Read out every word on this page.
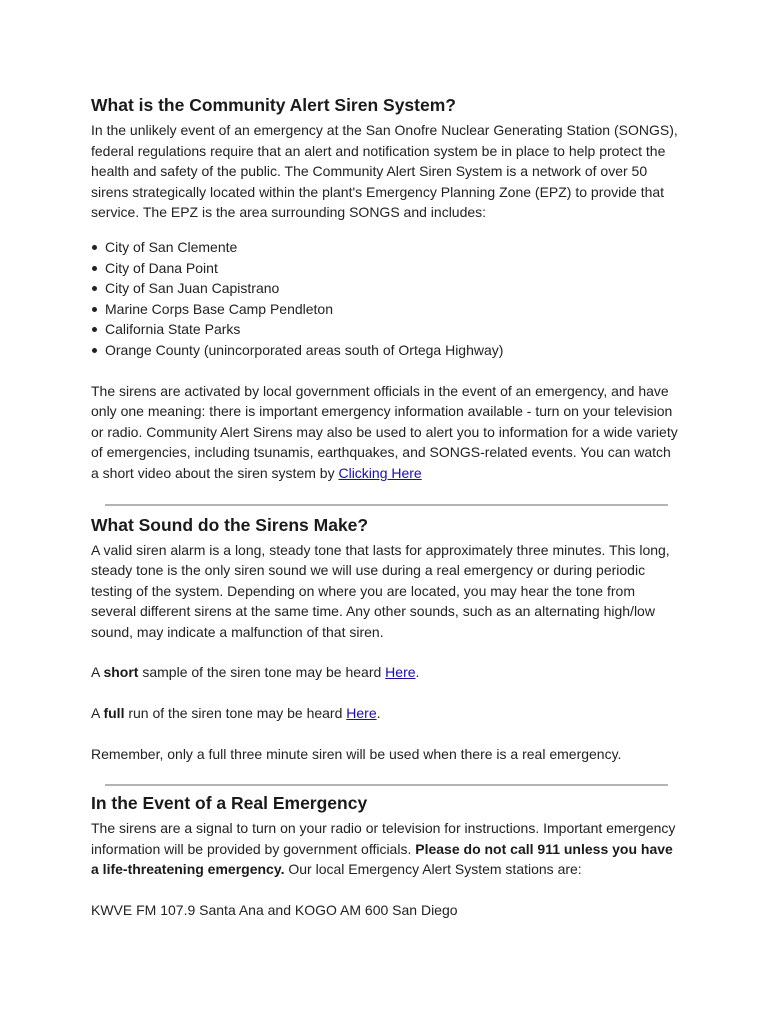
What is the Community Alert Siren System?

In the unlikely event of an emergency at the San Onofre Nuclear Generating Station (SONGS), federal regulations require that an alert and notification system be in place to help protect the health and safety of the public. The Community Alert Siren System is a network of over 50 sirens strategically located within the plant's Emergency Planning Zone (EPZ) to provide that service. The EPZ is the area surrounding SONGS and includes:

City of San Clemente
City of Dana Point
City of San Juan Capistrano
Marine Corps Base Camp Pendleton
California State Parks
Orange County (unincorporated areas south of Ortega Highway)

The sirens are activated by local government officials in the event of an emergency, and have only one meaning: there is important emergency information available - turn on your television or radio. Community Alert Sirens may also be used to alert you to information for a wide variety of emergencies, including tsunamis, earthquakes, and SONGS-related events. You can watch a short video about the siren system by Clicking Here

What Sound do the Sirens Make?

A valid siren alarm is a long, steady tone that lasts for approximately three minutes. This long, steady tone is the only siren sound we will use during a real emergency or during periodic testing of the system. Depending on where you are located, you may hear the tone from several different sirens at the same time. Any other sounds, such as an alternating high/low sound, may indicate a malfunction of that siren.

A short sample of the siren tone may be heard Here.

A full run of the siren tone may be heard Here.

Remember, only a full three minute siren will be used when there is a real emergency.

In the Event of a Real Emergency

The sirens are a signal to turn on your radio or television for instructions. Important emergency information will be provided by government officials. Please do not call 911 unless you have a life-threatening emergency. Our local Emergency Alert System stations are:

KWVE FM 107.9 Santa Ana and KOGO AM 600 San Diego
